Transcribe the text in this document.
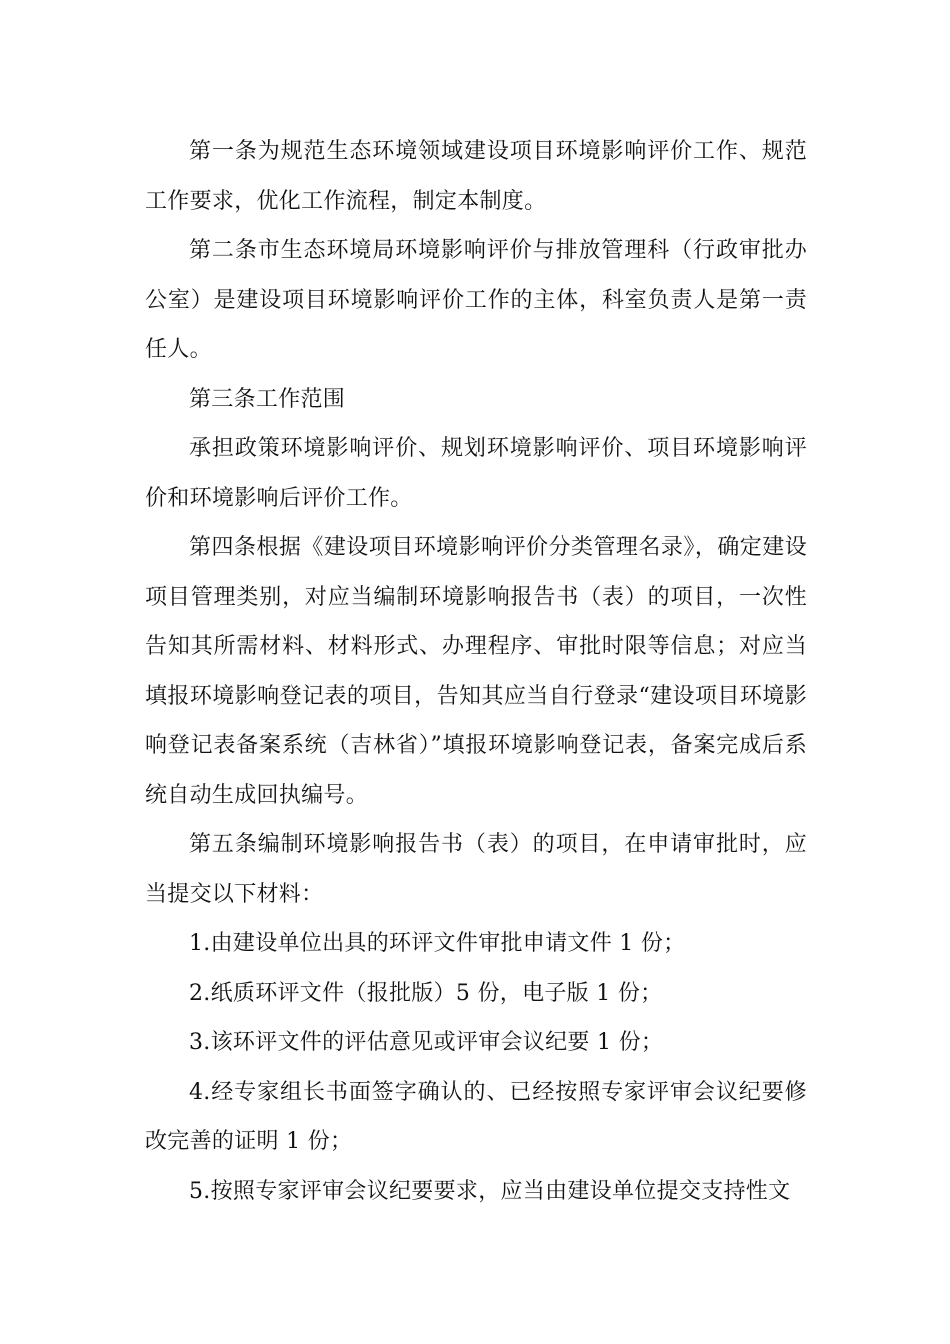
第一条为规范生态环境领域建设项目环境影响评价工作、规范工作要求，优化工作流程，制定本制度。

第二条市生态环境局环境影响评价与排放管理科（行政审批办公室）是建设项目环境影响评价工作的主体，科室负责人是第一责任人。

第三条工作范围

承担政策环境影响评价、规划环境影响评价、项目环境影响评价和环境影响后评价工作。

第四条根据《建设项目环境影响评价分类管理名录》，确定建设项目管理类别，对应当编制环境影响报告书（表）的项目，一次性告知其所需材料、材料形式、办理程序、审批时限等信息；对应当填报环境影响登记表的项目，告知其应当自行登录“建设项目环境影响登记表备案系统（吉林省）”填报环境影响登记表，备案完成后系统自动生成回执编号。

第五条编制环境影响报告书（表）的项目，在申请审批时，应当提交以下材料：

1.由建设单位出具的环评文件审批申请文件 1 份；

2.纸质环评文件（报批版）5 份，电子版 1 份；

3.该环评文件的评估意见或评审会议纪要 1 份；

4.经专家组长书面签字确认的、已经按照专家评审会议纪要修改完善的证明 1 份；

5.按照专家评审会议纪要要求，应当由建设单位提交支持性文
